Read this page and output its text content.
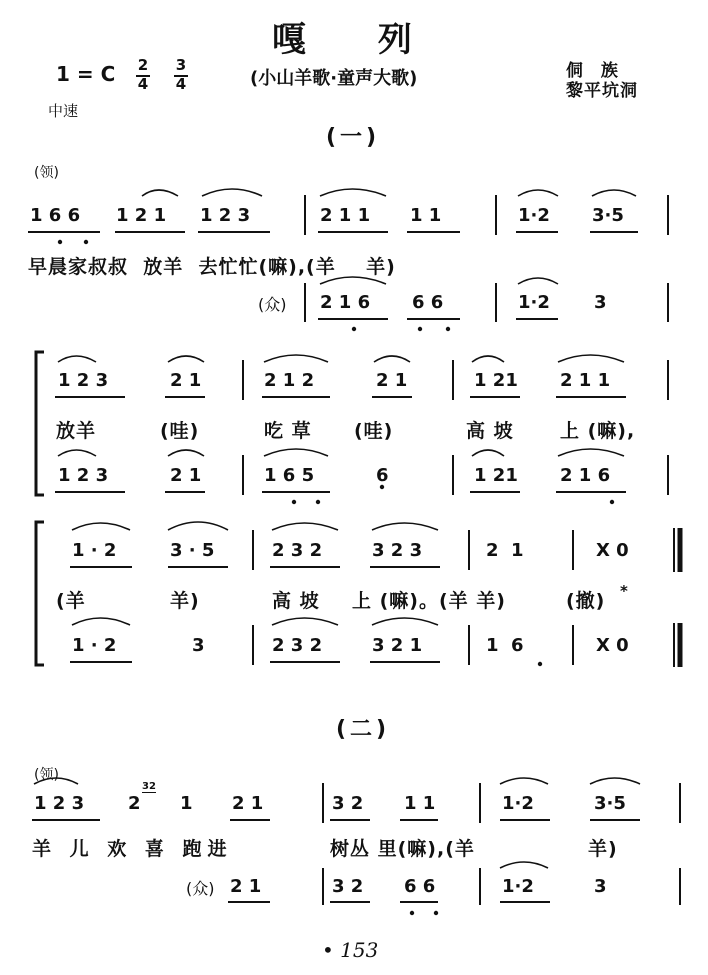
嘎 列
1 = C
$\frac{2}{4}$
$\frac{3}{4}$
(小山羊歌·童声大歌)	侗 族
黎平坑洞
中速
(一)
(领)
1 6 6 1 2 1 1 2 3	2 1 1 1 1	1·2 3·5
早晨家叔叔  放羊  去忙忙(嘛),(羊    羊)
(众) 2 1 6 6 6	1·2 3
1 2 3	2 1	2 1 2	2 1	1 21 2 1 1
放羊	(哇)	吃 草 (哇)	高 坡 上 (嘛),
1 2 3	2 1	1 6 5	6	1 21 2 1 6
1 · 2	3 · 5	2 3 2	3 2 3	2  1	X 0
(羊	羊)	高 坡 上 (嘛)。(羊 羊)	(撤) *
1 · 2	3	2 3 2	3 2 1	1  6	X 0
(二)
(领)
1 2 3 2
32
1 2 1	3 2 1 1	1·2	3·5
羊 儿 欢 喜 跑进	树丛 里(嘛),(羊	羊)
(众) 2 1	3 2 6 6	1·2	3
• 153
